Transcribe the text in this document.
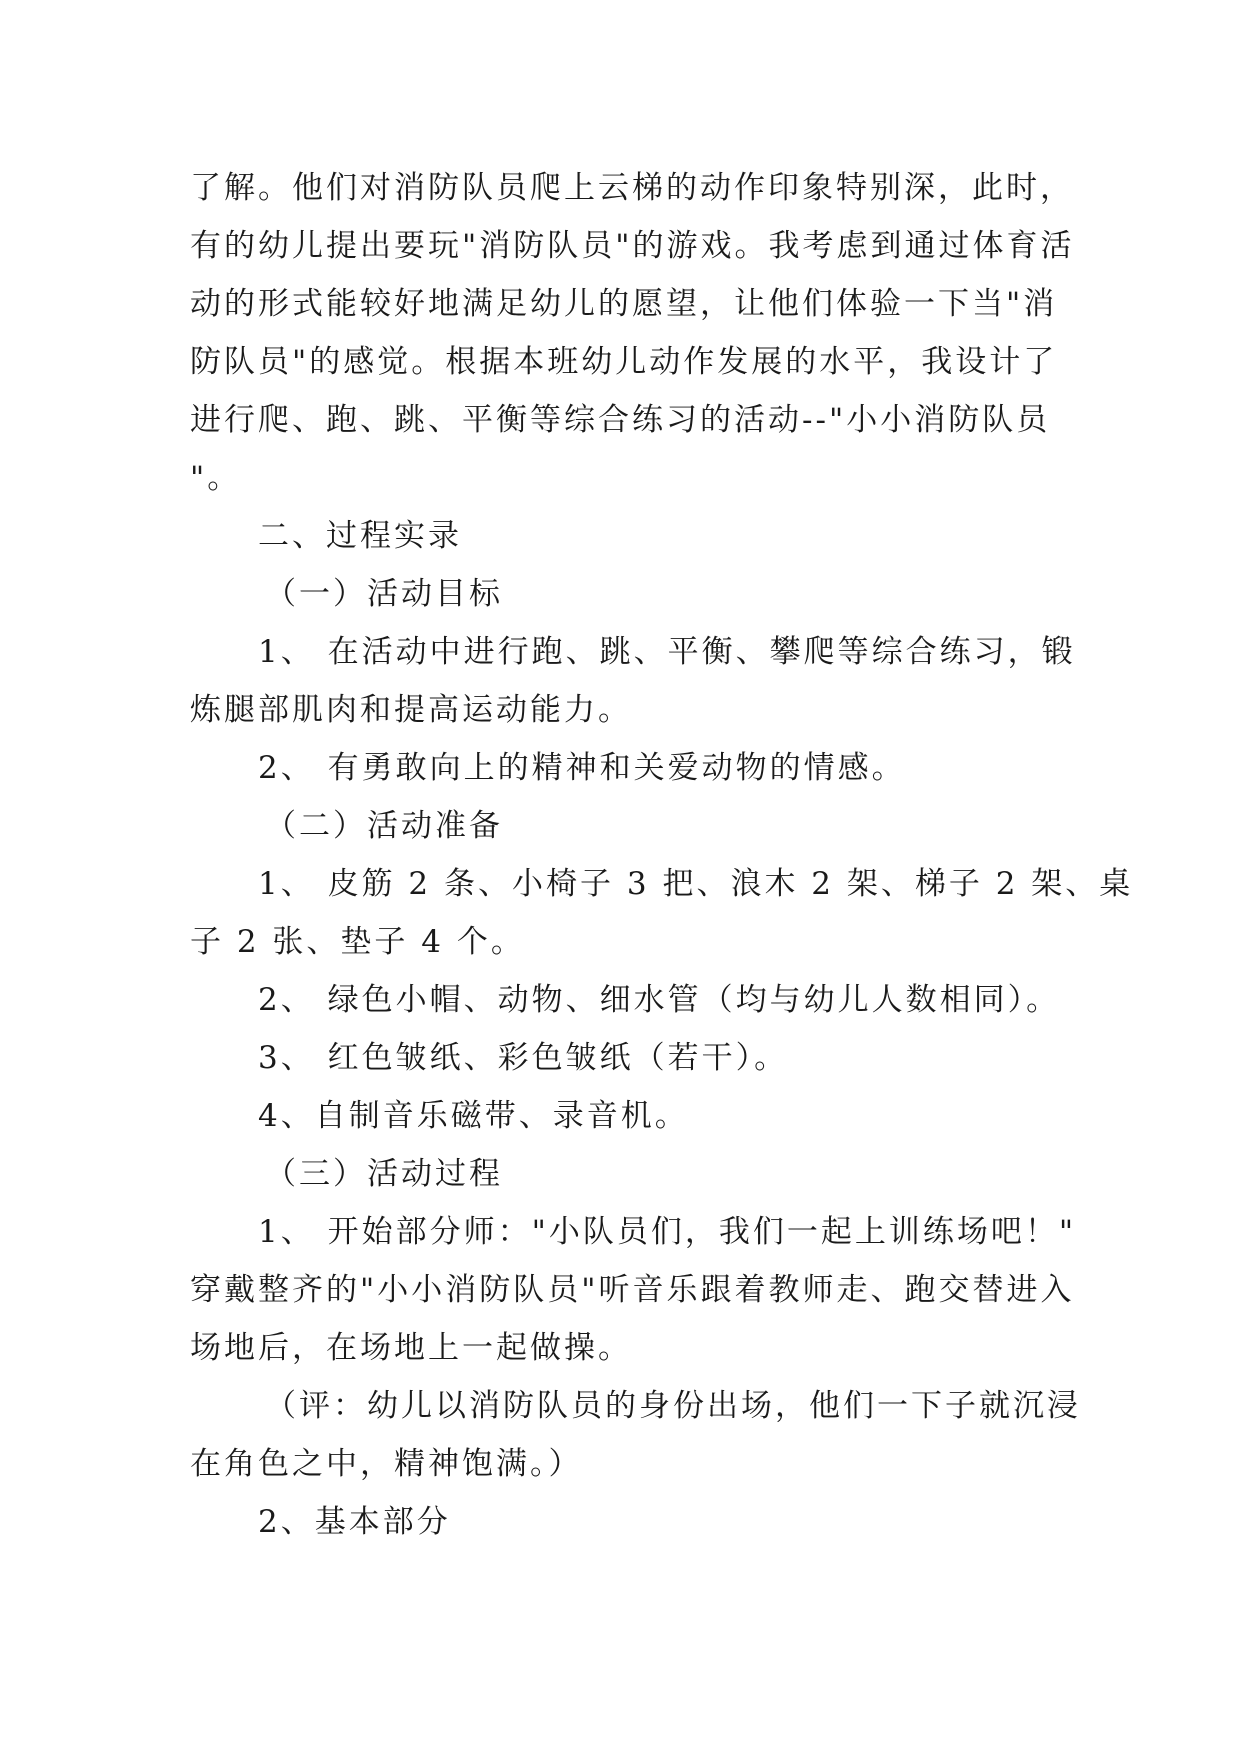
了解。他们对消防队员爬上云梯的动作印象特别深，此时，
有的幼儿提出要玩"消防队员"的游戏。我考虑到通过体育活
动的形式能较好地满足幼儿的愿望，让他们体验一下当"消
防队员"的感觉。根据本班幼儿动作发展的水平，我设计了
进行爬、跑、跳、平衡等综合练习的活动--"小小消防队员
"。
二、过程实录
（一）活动目标
1、 在活动中进行跑、跳、平衡、攀爬等综合练习，锻
炼腿部肌肉和提高运动能力。
2、 有勇敢向上的精神和关爱动物的情感。
（二）活动准备
1、 皮筋 2 条、小椅子 3 把、浪木 2 架、梯子 2 架、桌
子 2 张、垫子 4 个。
2、 绿色小帽、动物、细水管（均与幼儿人数相同）。
3、 红色皱纸、彩色皱纸（若干）。
4、自制音乐磁带、录音机。
（三）活动过程
1、 开始部分师："小队员们，我们一起上训练场吧！"
穿戴整齐的"小小消防队员"听音乐跟着教师走、跑交替进入
场地后，在场地上一起做操。
（评：幼儿以消防队员的身份出场，他们一下子就沉浸
在角色之中，精神饱满。）
2、基本部分
